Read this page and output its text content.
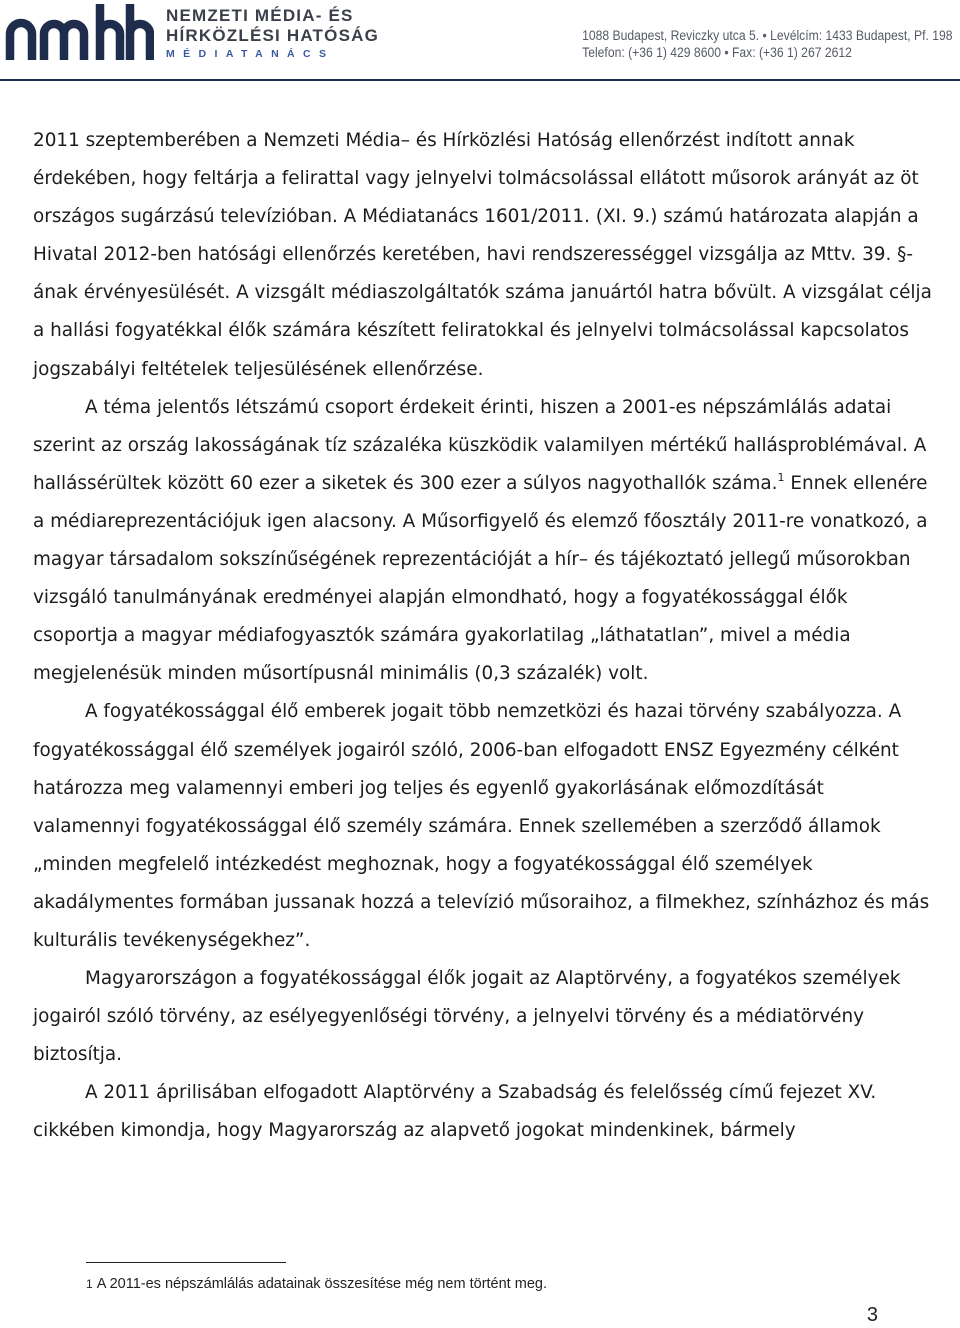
NEMZETI MÉDIA- ÉS
HÍRKÖZLÉSI HATÓSÁG
MÉDIATANÁCS
1088 Budapest, Reviczky utca 5. • Levélcím: 1433 Budapest, Pf. 198
Telefon: (+36 1) 429 8600 • Fax: (+36 1) 267 2612

2011 szeptemberében a Nemzeti Média– és Hírközlési Hatóság ellenőrzést indított annak érdekében, hogy feltárja a felirattal vagy jelnyelvi tolmácsolással ellátott műsorok arányát az öt országos sugárzású televízióban. A Médiatanács 1601/2011. (XI. 9.) számú határozata alapján a Hivatal 2012-ben hatósági ellenőrzés keretében, havi rendszerességgel vizsgálja az Mttv. 39. §-ának érvényesülését. A vizsgált médiaszolgáltatók száma januártól hatra bővült. A vizsgálat célja a hallási fogyatékkal élők számára készített feliratokkal és jelnyelvi tolmácsolással kapcsolatos jogszabályi feltételek teljesülésének ellenőrzése.

A téma jelentős létszámú csoport érdekeit érinti, hiszen a 2001-es népszámlálás adatai szerint az ország lakosságának tíz százaléka küszködik valamilyen mértékű hallásproblémával. A hallássérültek között 60 ezer a siketek és 300 ezer a súlyos nagyothallók száma.$^1$ Ennek ellenére a médiareprezentációjuk igen alacsony. A Műsorfigyelő és elemző főosztály 2011-re vonatkozó, a magyar társadalom sokszínűségének reprezentációját a hír– és tájékoztató jellegű műsorokban vizsgáló tanulmányának eredményei alapján elmondható, hogy a fogyatékossággal élők csoportja a magyar médiafogyasztók számára gyakorlatilag „láthatatlan”, mivel a média megjelenésük minden műsortípusnál minimális (0,3 százalék) volt.

A fogyatékossággal élő emberek jogait több nemzetközi és hazai törvény szabályozza. A fogyatékossággal élő személyek jogairól szóló, 2006-ban elfogadott ENSZ Egyezmény célként határozza meg valamennyi emberi jog teljes és egyenlő gyakorlásának előmozdítását valamennyi fogyatékossággal élő személy számára. Ennek szellemében a szerződő államok „minden megfelelő intézkedést meghoznak, hogy a fogyatékossággal élő személyek akadálymentes formában jussanak hozzá a televízió műsoraihoz, a filmekhez, színházhoz és más kulturális tevékenységekhez”.

Magyarországon a fogyatékossággal élők jogait az Alaptörvény, a fogyatékos személyek jogairól szóló törvény, az esélyegyenlőségi törvény, a jelnyelvi törvény és a médiatörvény biztosítja.

A 2011 áprilisában elfogadott Alaptörvény a Szabadság és felelősség című fejezet XV. cikkében kimondja, hogy Magyarország az alapvető jogokat mindenkinek, bármely

1 A 2011-es népszámlálás adatainak összesítése még nem történt meg.
3
